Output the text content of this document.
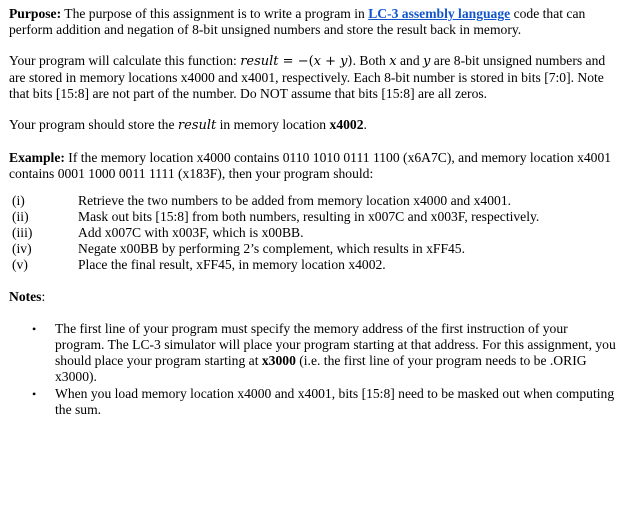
Purpose: The purpose of this assignment is to write a program in LC-3 assembly language code that can perform addition and negation of 8-bit unsigned numbers and store the result back in memory.

Your program will calculate this function: result = −(x + y). Both x and y are 8-bit unsigned numbers and are stored in memory locations x4000 and x4001, respectively. Each 8-bit number is stored in bits [7:0]. Note that bits [15:8] are not part of the number. Do NOT assume that bits [15:8] are all zeros.

Your program should store the result in memory location x4002.

Example: If the memory location x4000 contains 0110 1010 0111 1100 (x6A7C), and memory location x4001 contains 0001 1000 0011 1111 (x183F), then your program should:

(i)	Retrieve the two numbers to be added from memory location x4000 and x4001.
(ii)	Mask out bits [15:8] from both numbers, resulting in x007C and x003F, respectively.
(iii)	Add x007C with x003F, which is x00BB.
(iv)	Negate x00BB by performing 2’s complement, which results in xFF45.
(v)	Place the final result, xFF45, in memory location x4002.

Notes:

•	The first line of your program must specify the memory address of the first instruction of your program. The LC-3 simulator will place your program starting at that address. For this assignment, you should place your program starting at x3000 (i.e. the first line of your program needs to be .ORIG x3000).
•	When you load memory location x4000 and x4001, bits [15:8] need to be masked out when computing the sum.
